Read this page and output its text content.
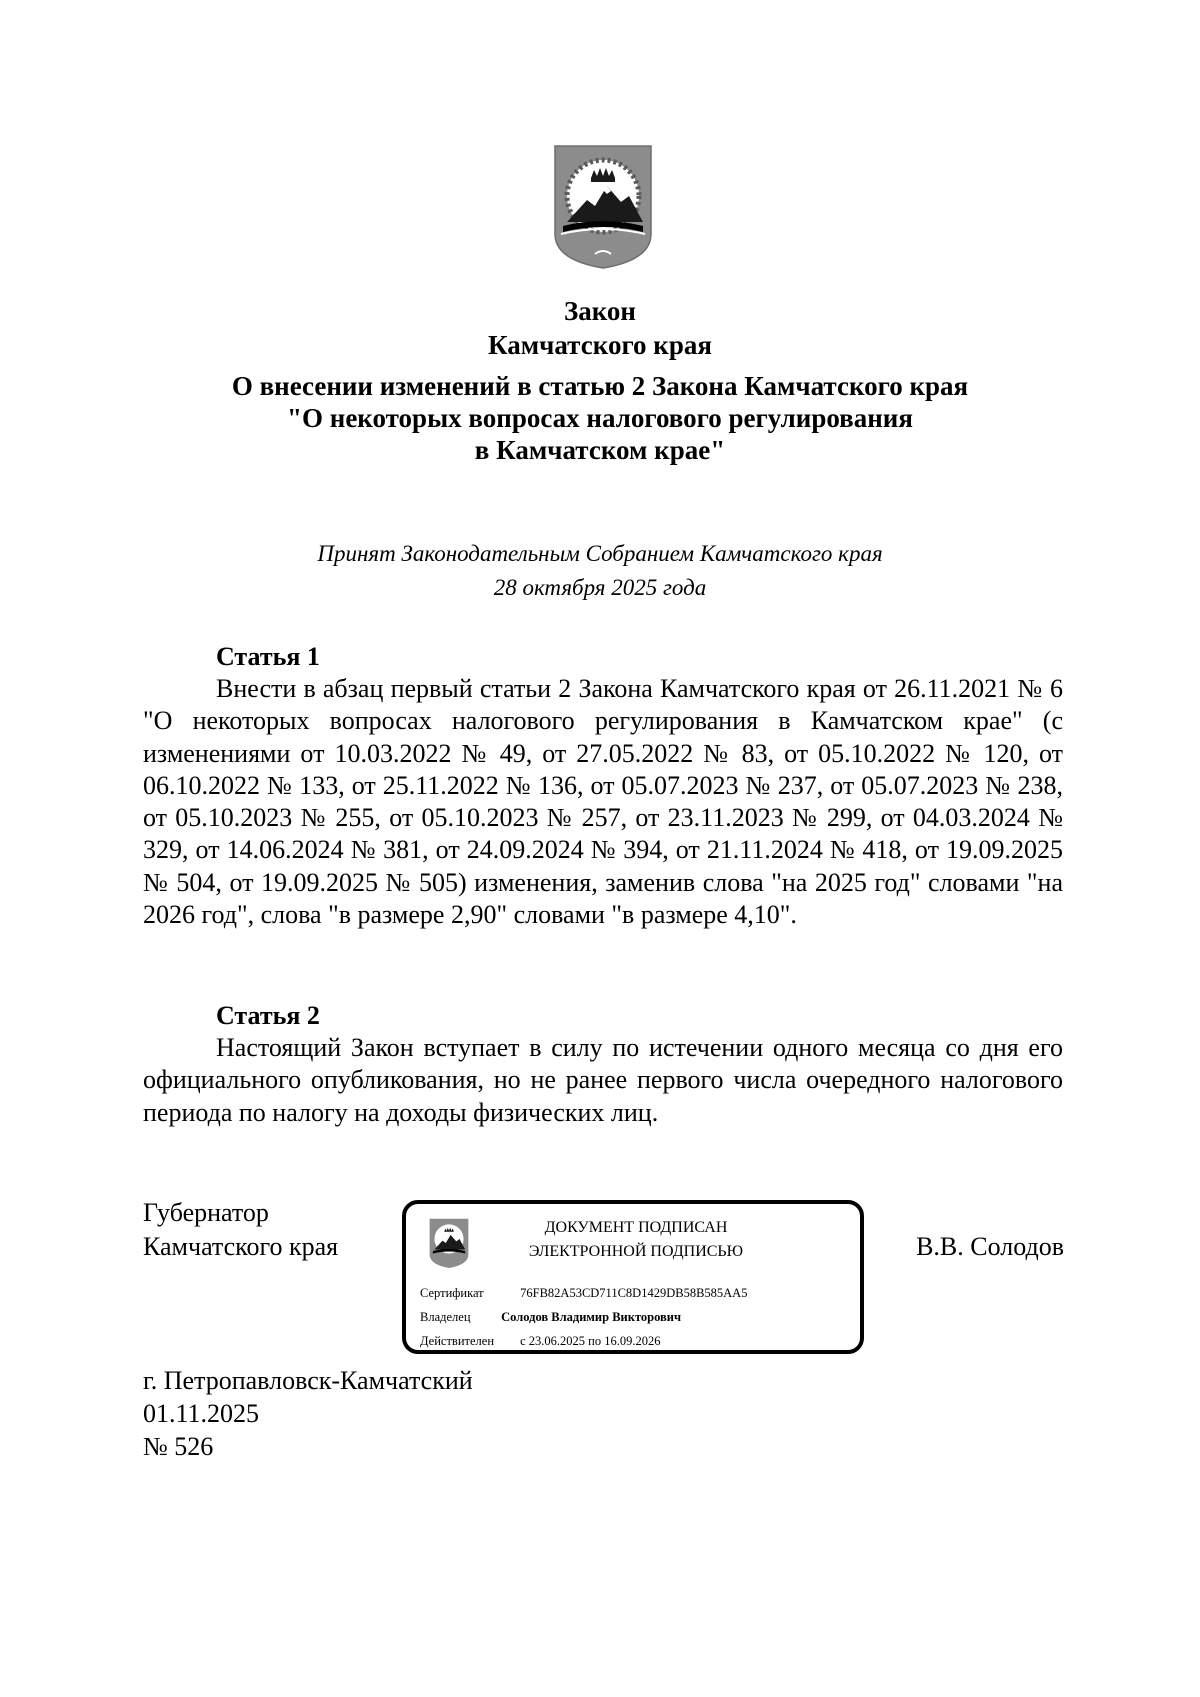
Закон
Камчатского края
О внесении изменений в статью 2 Закона Камчатского края
"О некоторых вопросах налогового регулирования
в Камчатском крае"
Принят Законодательным Собранием Камчатского края
28 октября 2025 года
Статья 1

Внести в абзац первый статьи 2 Закона Камчатского края от 26.11.2021 № 6 "О некоторых вопросах налогового регулирования в Камчатском крае" (с изменениями от 10.03.2022 № 49, от 27.05.2022 № 83, от 05.10.2022 № 120, от 06.10.2022 № 133, от 25.11.2022 № 136, от 05.07.2023 № 237, от 05.07.2023 № 238, от 05.10.2023 № 255, от 05.10.2023 № 257, от 23.11.2023 № 299, от 04.03.2024 № 329, от 14.06.2024 № 381, от 24.09.2024 № 394, от 21.11.2024 № 418, от 19.09.2025 № 504, от 19.09.2025 № 505) изменения, заменив слова "на 2025 год" словами "на 2026 год", слова "в размере 2,90" словами "в размере 4,10".

Статья 2

Настоящий Закон вступает в силу по истечении одного месяца со дня его официального опубликования, но не ранее первого числа очередного налогового периода по налогу на доходы физических лиц.

Губернатор
Камчатского края
ДОКУМЕНТ ПОДПИСАН
ЭЛЕКТРОННОЙ ПОДПИСЬЮ
Сертификат	76FB82A53CD711C8D1429DB58B585AA5
Владелец Солодов Владимир Викторович
Действителен с 23.06.2025 по 16.09.2026
В.В. Солодов
г. Петропавловск-Камчатский
01.11.2025
№ 526
